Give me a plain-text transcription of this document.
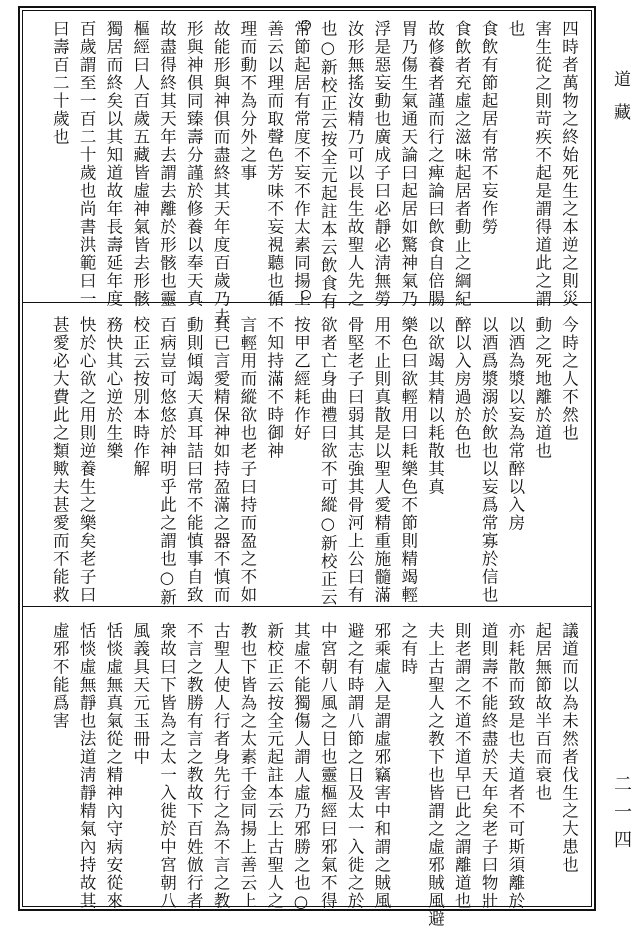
道藏
二一四
四時者萬物之終始死生之本逆之則災
害生從之則苛疾不起是謂得道此之謂
也
食飲有節起居有常不妄作勞
食飲者充虛之滋味起居者動止之綱紀
故修養者謹而行之痺論曰飲食自倍腸
胃乃傷生氣通天論曰起居如驚神氣乃
浮是惡妄動也廣成子曰必靜必淸無勞
汝形無搖汝精乃可以長生故聖人先之
也○新校正云按全元起註本云飲食有
常節起居有常度不妄不作太素同揚上
善云以理而取聲色芳味不妄視聽也循
理而動不為分外之事
故能形與神俱而盡終其天年度百歲乃去
形與神俱同臻壽分謹於修養以奉天真
故盡得終其天年去謂去離於形骸也靈
樞經曰人百歲五藏皆虛神氣皆去形骸
獨居而終矣以其知道故年長壽延年度
百歲謂至一百二十歲也尚書洪範曰一
曰壽百二十歲也
今時之人不然也
動之死地離於道也
以酒為漿以妄為常醉以入房
以酒爲漿溺於飲也以妄爲常寡於信也
醉以入房過於色也
以欲竭其精以耗散其真
樂色曰欲輕用曰耗樂色不節則精竭輕
用不止則真散是以聖人愛精重施髓滿
骨堅老子曰弱其志強其骨河上公曰有
欲者亡身曲禮曰欲不可縱○新校正云
按甲乙經耗作好
不知持滿不時御神
言輕用而縱欲也老子曰持而盈之不如
其已言愛精保神如持盈滿之器不慎而
動則傾竭天真耳詰曰常不能慎事自致
百病豈可悠悠於神明乎此之謂也○新
校正云按別本時作解
務快其心逆於生樂
快於心欲之用則逆養生之樂矣老子曰
甚愛必大費此之類歟夫甚愛而不能救
議道而以為未然者伐生之大患也
起居無節故半百而衰也
亦耗散而致是也夫道者不可斯須離於
道則壽不能終盡於天年矣老子曰物壯
則老謂之不道不道早已此之謂離道也
夫上古聖人之教下也皆謂之虛邪賊風避
之有時
邪乘虛入是謂虛邪竊害中和謂之賊風
避之有時謂八節之日及太一入徙之於
中宮朝八風之日也靈樞經曰邪氣不得
其虛不能獨傷人謂人虛乃邪勝之也○
新校正云按全元起註本云上古聖人之
教也下皆為之太素千金同揚上善云上
古聖人使人行者身先行之為不言之教
不言之教勝有言之教故下百姓倣行者
衆故曰下皆為之太一入徙於中宮朝八
風義具天元玉冊中
恬惔虛無真氣從之精神內守病安從來
恬惔虛無靜也法道淸靜精氣內持故其
虛邪不能爲害
